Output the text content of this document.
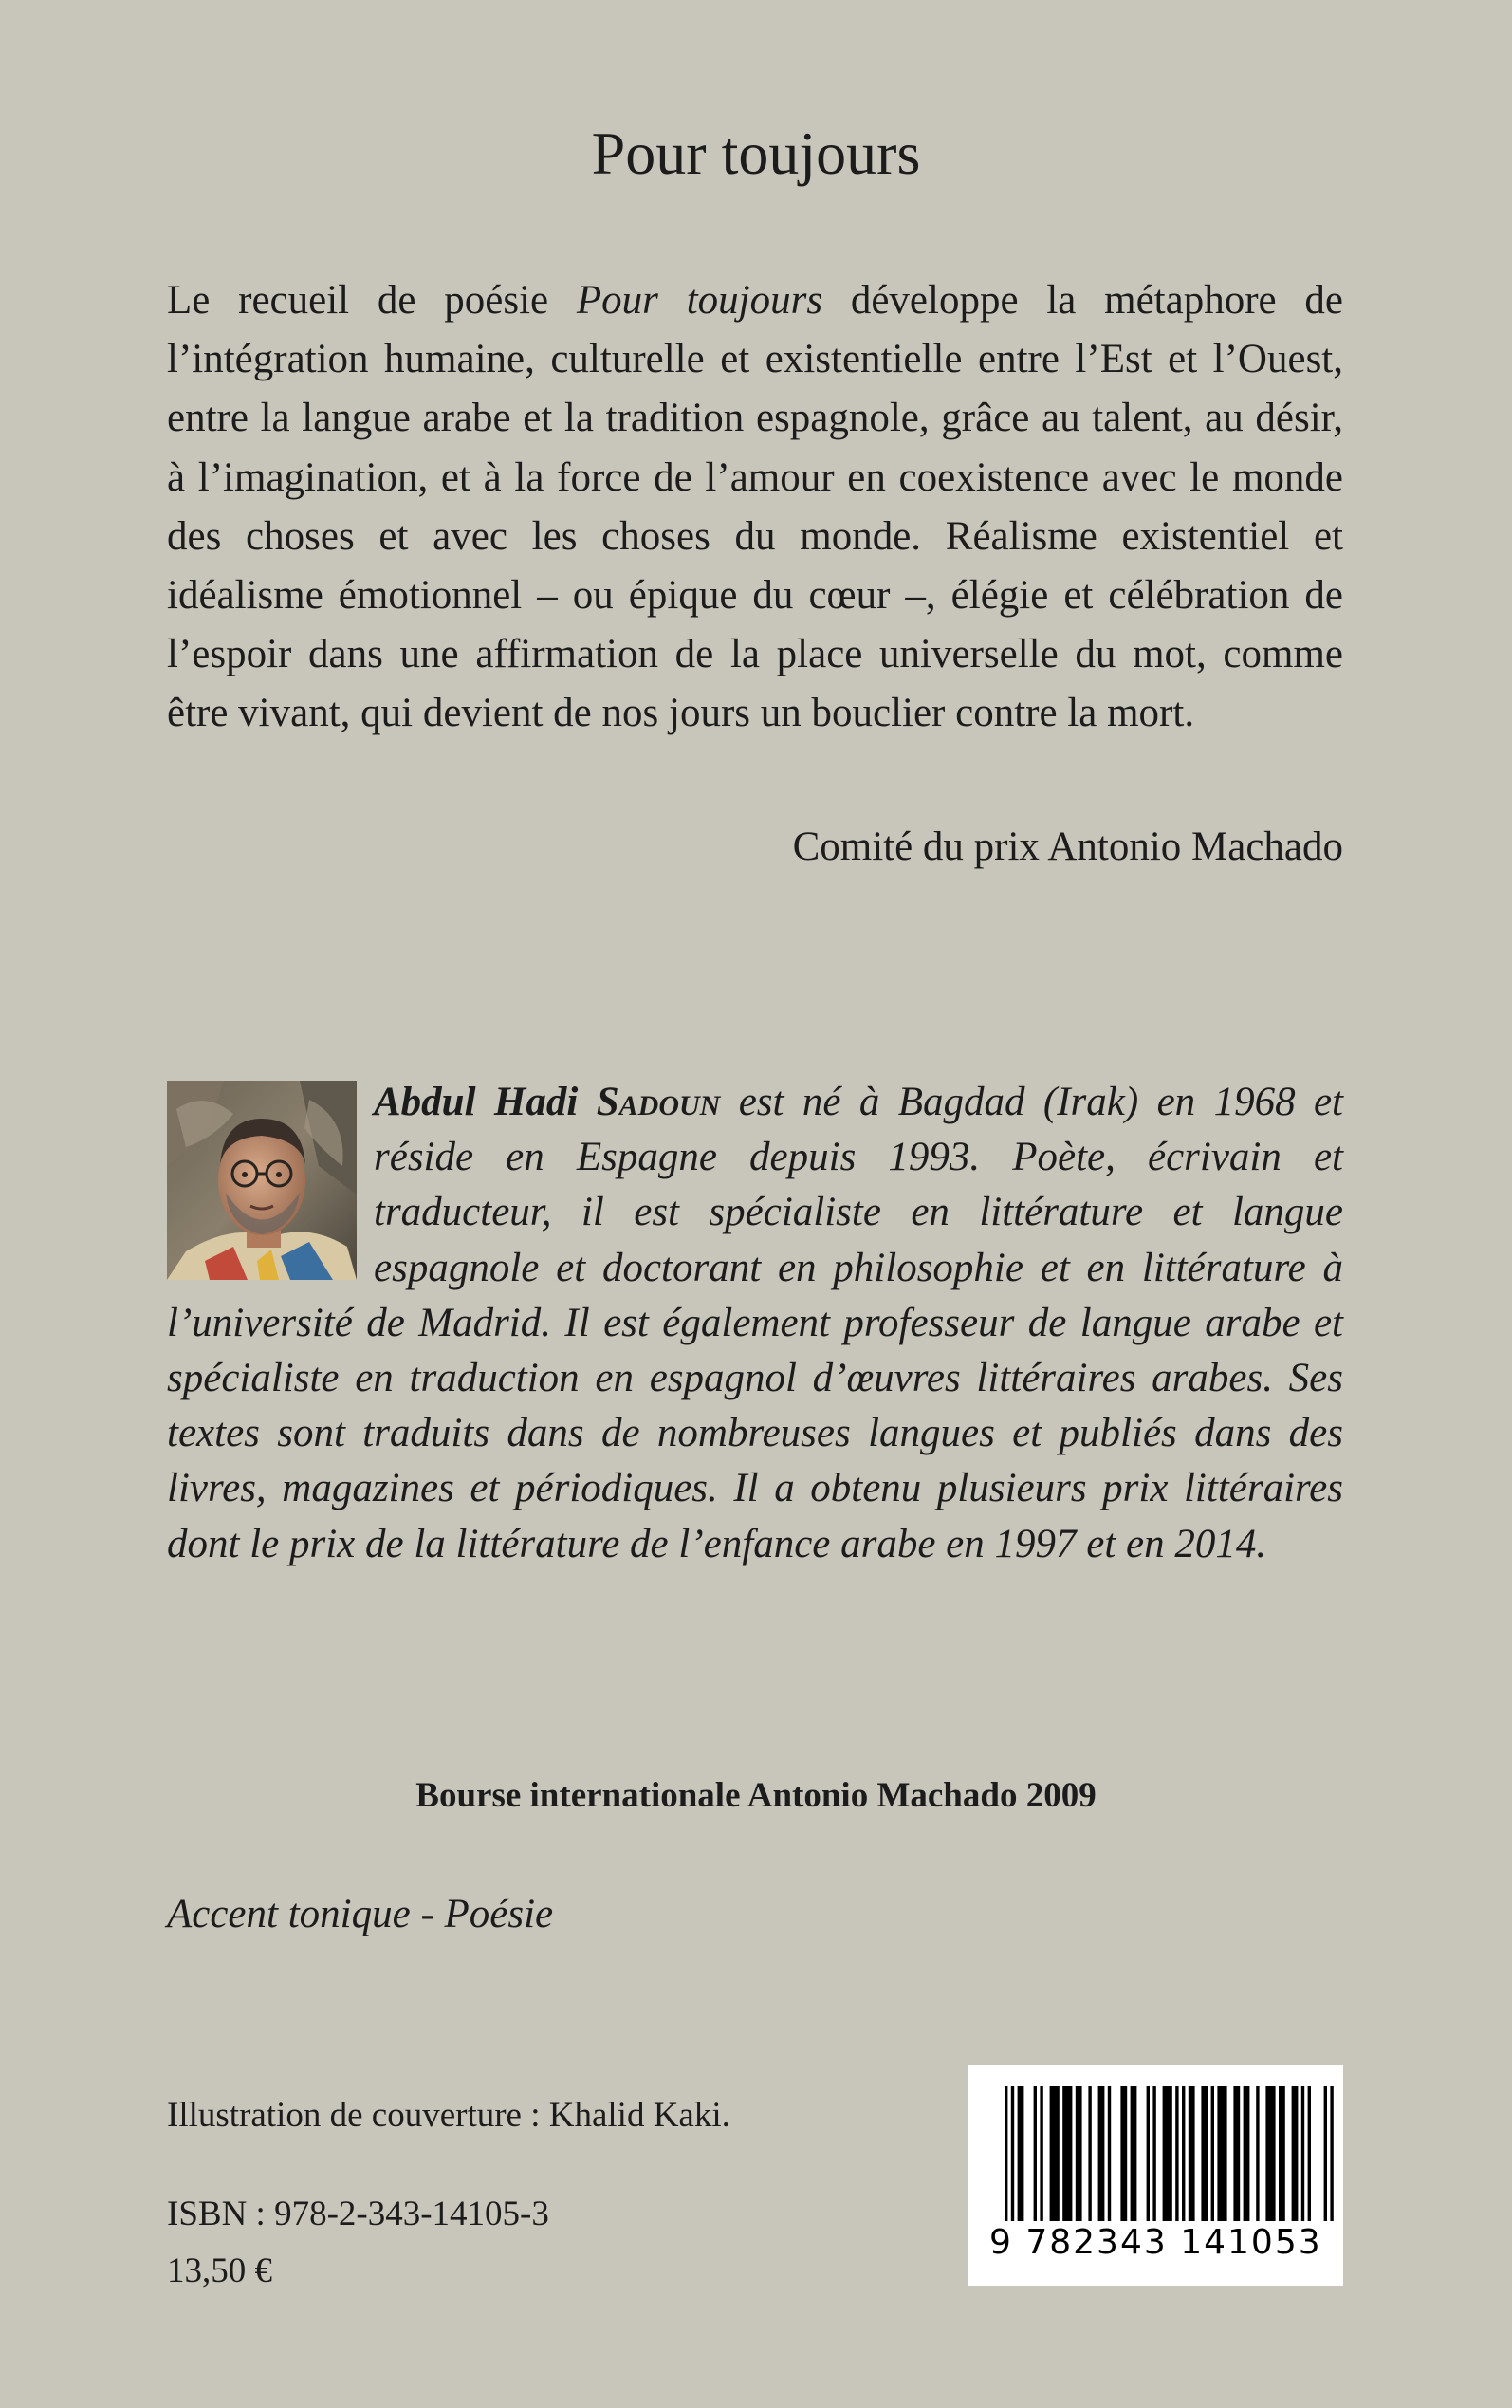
Pour toujours

Le recueil de poésie Pour toujours développe la métaphore de l’intégration humaine, culturelle et existentielle entre l’Est et l’Ouest, entre la langue arabe et la tradition espagnole, grâce au talent, au désir, à l’imagination, et à la force de l’amour en coexistence avec le monde des choses et avec les choses du monde. Réalisme existentiel et idéalisme émotionnel – ou épique du cœur –, élégie et célébration de l’espoir dans une affirmation de la place universelle du mot, comme être vivant, qui devient de nos jours un bouclier contre la mort.

Comité du prix Antonio Machado

Abdul Hadi Sadoun est né à Bagdad (Irak) en 1968 et réside en Espagne depuis 1993. Poète, écrivain et traducteur, il est spécialiste en littérature et langue espagnole et doctorant en philosophie et en littérature à l’université de Madrid. Il est également professeur de langue arabe et spécialiste en traduction en espagnol d’œuvres littéraires arabes. Ses textes sont traduits dans de nombreuses langues et publiés dans des livres, magazines et périodiques. Il a obtenu plusieurs prix littéraires dont le prix de la littérature de l’enfance arabe en 1997 et en 2014.

Bourse internationale Antonio Machado 2009

Accent tonique - Poésie

Illustration de couverture : Khalid Kaki.

ISBN : 978-2-343-14105-3

13,50 €

9 782343 141053
